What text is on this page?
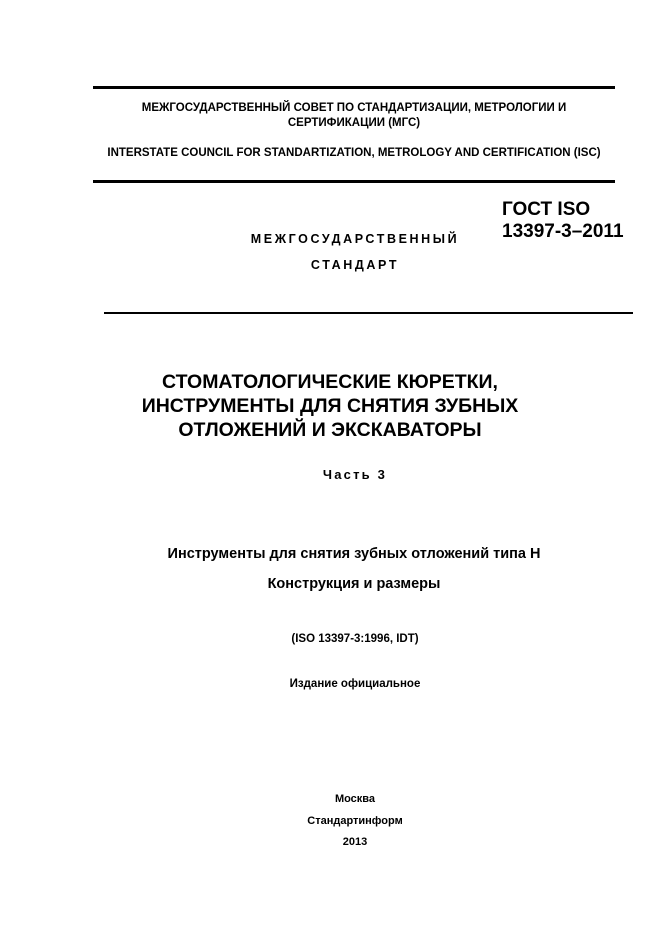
МЕЖГОСУДАРСТВЕННЫЙ СОВЕТ ПО СТАНДАРТИЗАЦИИ, МЕТРОЛОГИИ И СЕРТИФИКАЦИИ (МГС)
INTERSTATE COUNCIL FOR STANDARTIZATION, METROLOGY AND CERTIFICATION (ISC)
МЕЖГОСУДАРСТВЕННЫЙ
СТАНДАРТ
ГОСТ ISO 13397-3–2011
СТОМАТОЛОГИЧЕСКИЕ КЮРЕТКИ, ИНСТРУМЕНТЫ ДЛЯ СНЯТИЯ ЗУБНЫХ ОТЛОЖЕНИЙ И ЭКСКАВАТОРЫ
Часть 3
Инструменты для снятия зубных отложений типа H
Конструкция и размеры
(ISO 13397-3:1996, IDT)
Издание официальное
Москва
Стандартинформ
2013
